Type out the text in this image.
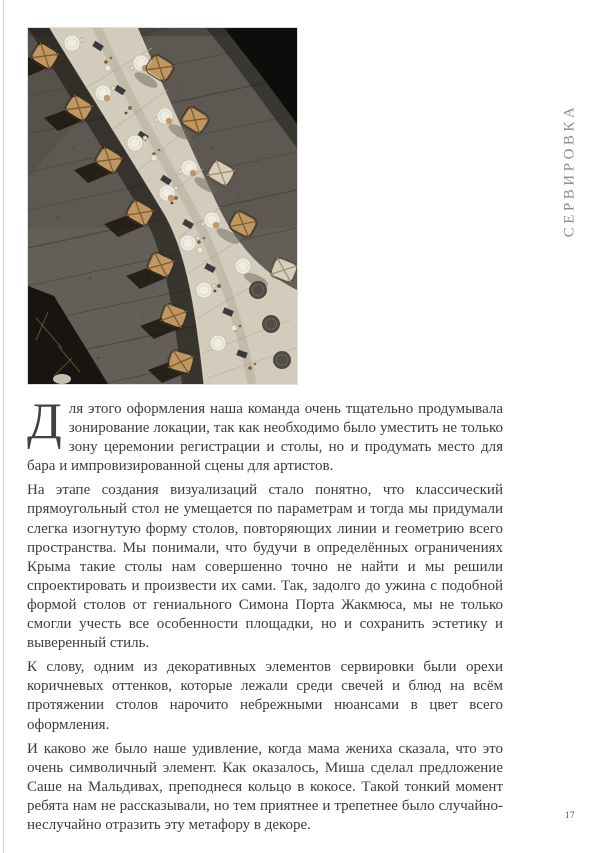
СЕРВИРОВКА

Для этого оформления наша команда очень тщательно продумывала зонирование локации, так как необходимо было уместить не только зону церемонии регистрации и столы, но и продумать место для бара и импровизированной сцены для артистов.

На этапе создания визуализаций стало понятно, что классический прямоугольный стол не умещается по параметрам и тогда мы придумали слегка изогнутую форму столов, повторяющих линии и геометрию всего пространства. Мы понимали, что будучи в определённых ограничениях Крыма такие столы нам совершенно точно не найти и мы решили спроектировать и произвести их сами. Так, задолго до ужина с подобной формой столов от гениального Симона Порта Жакмюса, мы не только смогли учесть все особенности площадки, но и сохранить эстетику и выверенный стиль.

К слову, одним из декоративных элементов сервировки были орехи коричневых оттенков, которые лежали среди свечей и блюд на всём протяжении столов нарочито небрежными нюансами в цвет всего оформления.

И каково же было наше удивление, когда мама жениха сказала, что это очень символичный элемент. Как оказалось, Миша сделал предложение Саше на Мальдивах, преподнеся кольцо в кокосе. Такой тонкий момент ребята нам не рассказывали, но тем приятнее и трепетнее было случайно-неслучайно отразить эту метафору в декоре.

17
